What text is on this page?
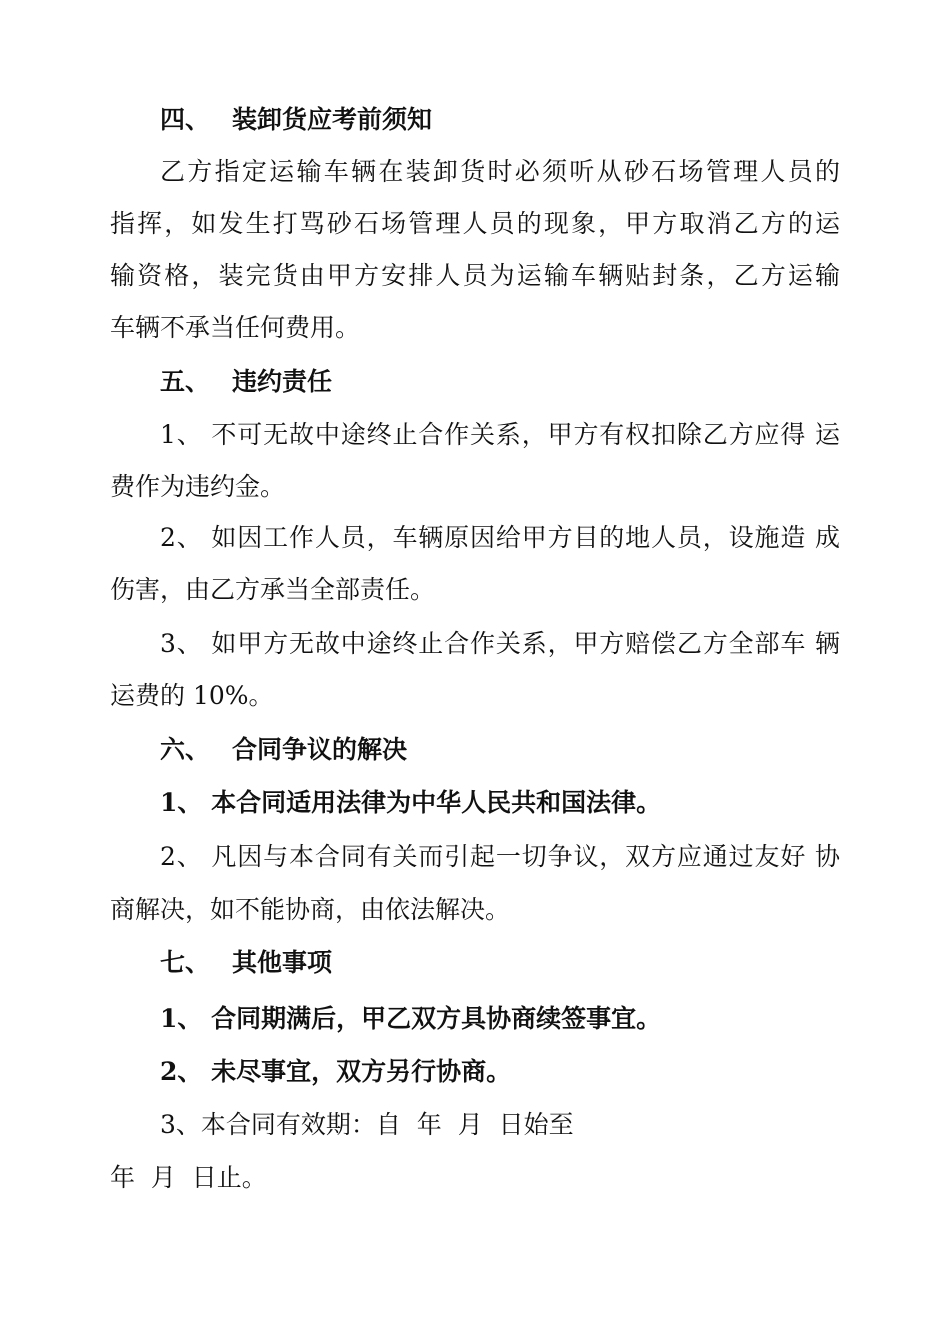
四、 装卸货应考前须知
乙方指定运输车辆在装卸货时必须听从砂石场管理人员的
指挥，如发生打骂砂石场管理人员的现象，甲方取消乙方的运
输资格，装完货由甲方安排人员为运输车辆贴封条，乙方运输
车辆不承当任何费用。
五、 违约责任
1、 不可无故中途终止合作关系，甲方有权扣除乙方应得 运
费作为违约金。
2、 如因工作人员，车辆原因给甲方目的地人员，设施造 成
伤害，由乙方承当全部责任。
3、 如甲方无故中途终止合作关系，甲方赔偿乙方全部车 辆
运费的 10%。
六、 合同争议的解决
1、 本合同适用法律为中华人民共和国法律。
2、 凡因与本合同有关而引起一切争议，双方应通过友好 协
商解决，如不能协商，由依法解决。
七、 其他事项
1、 合同期满后，甲乙双方具协商续签事宜。
2、 未尽事宜，双方另行协商。
3、本合同有效期：自  年  月  日始至
年  月  日止。
